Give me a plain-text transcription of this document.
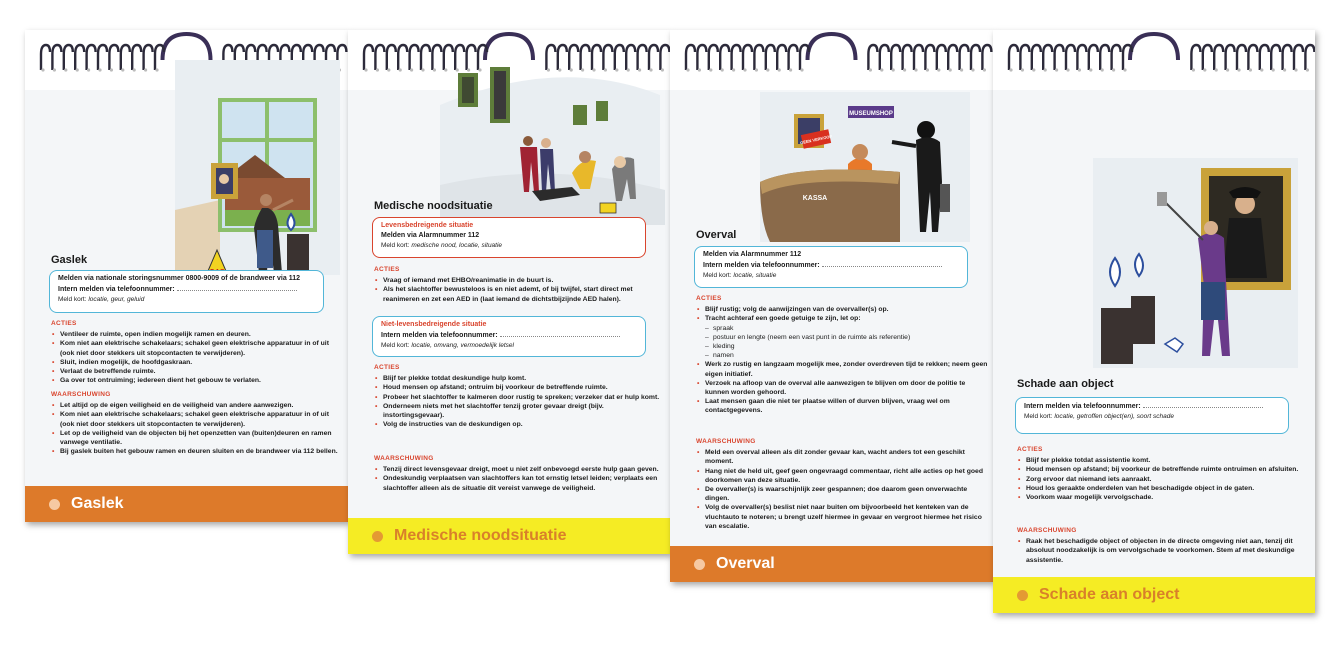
Gaslek
Melden via nationale storingsnummer 0800-9009 of de brandweer via 112
Intern melden via telefoonnummer:
Meld kort: locatie, geur, geluid
ACTIES
• Ventileer de ruimte, open indien mogelijk ramen en deuren.
• Kom niet aan elektrische schakelaars; schakel geen elektrische apparatuur in of uit (ook niet door stekkers uit stopcontacten te verwijderen).
• Sluit, indien mogelijk, de hoofdgaskraan.
• Verlaat de betreffende ruimte.
• Ga over tot ontruiming; iedereen dient het gebouw te verlaten.
WAARSCHUWING
• Let altijd op de eigen veiligheid en de veiligheid van andere aanwezigen.
• Kom niet aan elektrische schakelaars; schakel geen elektrische apparatuur in of uit (ook niet door stekkers uit stopcontacten te verwijderen).
• Let op de veiligheid van de objecten bij het openzetten van (buiten)deuren en ramen vanwege ventilatie.
• Bij gaslek buiten het gebouw ramen en deuren sluiten en de brandweer via 112 bellen.
Gaslek
Medische noodsituatie
Levensbedreigende situatie
Melden via Alarmnummer 112
Meld kort: medische nood, locatie, situatie
ACTIES
• Vraag of iemand met EHBO/reanimatie in de buurt is.
• Als het slachtoffer bewusteloos is en niet ademt, of bij twijfel, start direct met reanimeren en zet een AED in (laat iemand de dichtstbijzijnde AED halen).
Niet-levensbedreigende situatie
Intern melden via telefoonnummer:
Meld kort: locatie, omvang, vermoedelijk letsel
ACTIES
• Blijf ter plekke totdat deskundige hulp komt.
• Houd mensen op afstand; ontruim bij voorkeur de betreffende ruimte.
• Probeer het slachtoffer te kalmeren door rustig te spreken; verzeker dat er hulp komt.
• Onderneem niets met het slachtoffer tenzij groter gevaar dreigt (bijv. instortingsgevaar).
• Volg de instructies van de deskundigen op.
WAARSCHUWING
• Tenzij direct levensgevaar dreigt, moet u niet zelf onbevoegd eerste hulp gaan geven.
• Ondeskundig verplaatsen van slachtoffers kan tot ernstig letsel leiden; verplaats een slachtoffer alleen als de situatie dit vereist vanwege de veiligheid.
Medische noodsituatie
MUSEUMSHOP
GEEN VERKOOP
KASSA
Overval
Melden via Alarmnummer 112
Intern melden via telefoonnummer:
Meld kort: locatie, situatie
ACTIES
• Blijf rustig; volg de aanwijzingen van de overvaller(s) op.
• Tracht achteraf een goede getuige te zijn, let op:
– spraak
– postuur en lengte (neem een vast punt in de ruimte als referentie)
– kleding
– namen
• Werk zo rustig en langzaam mogelijk mee, zonder overdreven tijd te rekken; neem geen eigen initiatief.
• Verzoek na afloop van de overval alle aanwezigen te blijven om door de politie te kunnen worden gehoord.
• Laat mensen gaan die niet ter plaatse willen of durven blijven, vraag wel om contactgegevens.
WAARSCHUWING
• Meld een overval alleen als dit zonder gevaar kan, wacht anders tot een geschikt moment.
• Hang niet de held uit, geef geen ongevraagd commentaar, richt alle acties op het goed doorkomen van deze situatie.
• De overvaller(s) is waarschijnlijk zeer gespannen; doe daarom geen onverwachte dingen.
• Volg de overvaller(s) beslist niet naar buiten om bijvoorbeeld het kenteken van de vluchtauto te noteren; u brengt uzelf hiermee in gevaar en vergroot hiermee het risico van escalatie.
Overval
Schade aan object
Intern melden via telefoonnummer:
Meld kort: locatie, getroffen object(en), soort schade
ACTIES
• Blijf ter plekke totdat assistentie komt.
• Houd mensen op afstand; bij voorkeur de betreffende ruimte ontruimen en afsluiten.
• Zorg ervoor dat niemand iets aanraakt.
• Houd los geraakte onderdelen van het beschadigde object in de gaten.
• Voorkom waar mogelijk vervolgschade.
WAARSCHUWING
• Raak het beschadigde object of objecten in de directe omgeving niet aan, tenzij dit absoluut noodzakelijk is om vervolgschade te voorkomen. Stem af met deskundige assistentie.
Schade aan object
